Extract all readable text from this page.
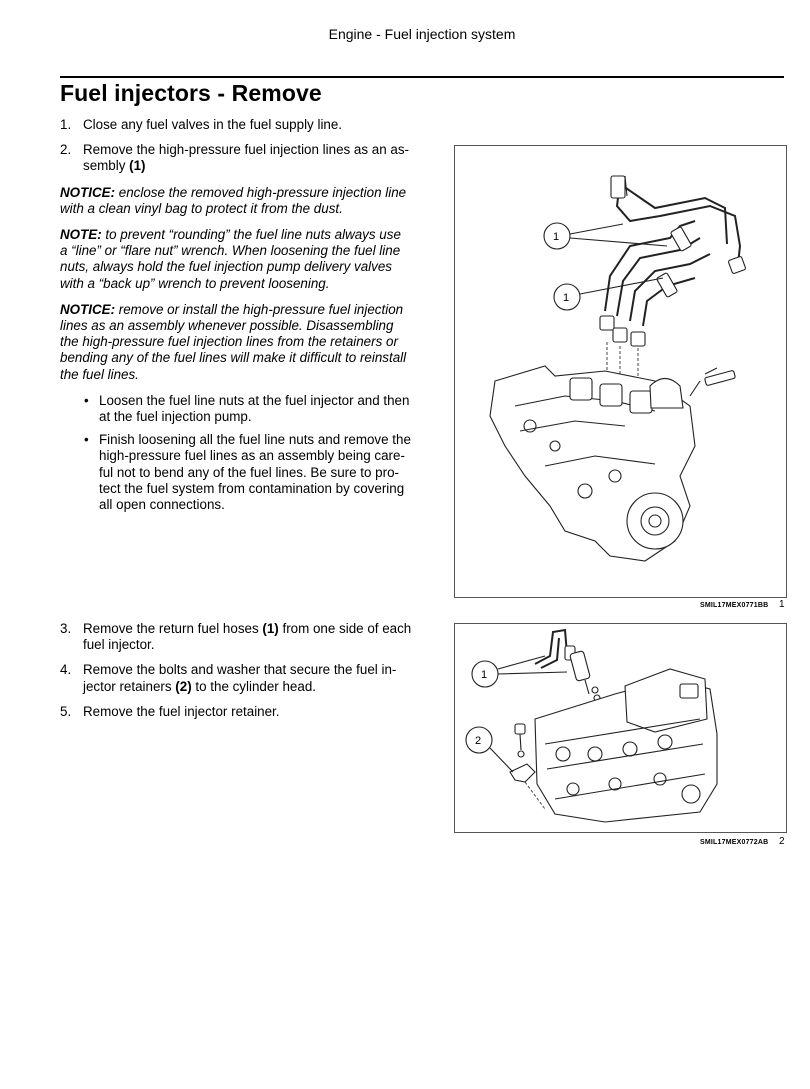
Engine - Fuel injection system
Fuel injectors - Remove
1. Close any fuel valves in the fuel supply line.
2. Remove the high-pressure fuel injection lines as an as-
sembly (1)
NOTICE: enclose the removed high-pressure injection line
with a clean vinyl bag to protect it from the dust.
NOTE: to prevent “rounding” the fuel line nuts always use
a “line” or “flare nut” wrench. When loosening the fuel line
nuts, always hold the fuel injection pump delivery valves
with a “back up” wrench to prevent loosening.
NOTICE: remove or install the high-pressure fuel injection
lines as an assembly whenever possible. Disassembling
the high-pressure fuel injection lines from the retainers or
bending any of the fuel lines will make it difficult to reinstall
the fuel lines.
• Loosen the fuel line nuts at the fuel injector and then
at the fuel injection pump.
• Finish loosening all the fuel line nuts and remove the
high-pressure fuel lines as an assembly being care-
ful not to bend any of the fuel lines. Be sure to pro-
tect the fuel system from contamination by covering
all open connections.
3. Remove the return fuel hoses (1) from one side of each
fuel injector.
4. Remove the bolts and washer that secure the fuel in-
jector retainers (2) to the cylinder head.
5. Remove the fuel injector retainer.
1
1
SMIL17MEX0771BB 1
1
2
SMIL17MEX0772AB 2
